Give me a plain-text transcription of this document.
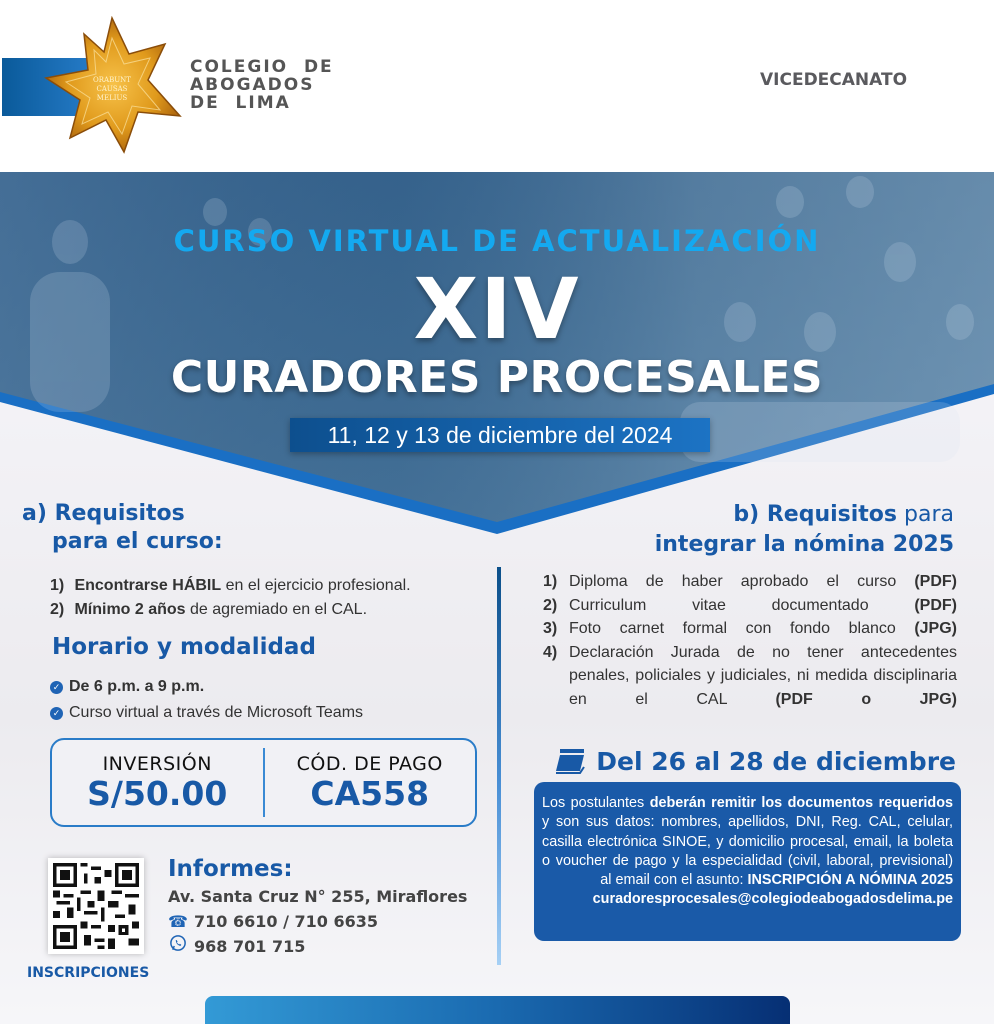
ORABUNT
CAUSAS
MELIUS
COLEGIO  DE
ABOGADOS
DE  LIMA
VICEDECANATO
CURSO VIRTUAL DE ACTUALIZACIÓN
XIV
CURADORES PROCESALES
11, 12 y 13 de diciembre del 2024
a) Requisitos
para el curso:
1) Encontrarse HÁBIL en el ejercicio profesional.
2) Mínimo 2 años de agremiado en el CAL.
Horario y modalidad
✓ De 6 p.m. a 9 p.m.
✓ Curso virtual a través de Microsoft Teams
INVERSIÓN
S/50.00
CÓD. DE PAGO
CA558
INSCRIPCIONES
Informes:
Av. Santa Cruz N° 255, Miraflores
☎ 710 6610 / 710 6635
968 701 715
b) Requisitos para
integrar la nómina 2025
1) Diploma de haber aprobado el curso (PDF)
2) Curriculum vitae documentado (PDF)
3) Foto carnet formal con fondo blanco (JPG)
4) Declaración Jurada de no tener antecedentes penales, policiales y judiciales, ni medida disciplinaria en el CAL (PDF o JPG)
Del 26 al 28 de diciembre
Los postulantes deberán remitir los documentos requeridos y son sus datos: nombres, apellidos, DNI, Reg. CAL, celular, casilla electrónica SINOE, y domicilio procesal, email, la boleta o voucher de pago y la especialidad (civil, laboral, previsional)
al email con el asunto: INSCRIPCIÓN A NÓMINA 2025
curadoresprocesales@colegiodeabogadosdelima.pe
